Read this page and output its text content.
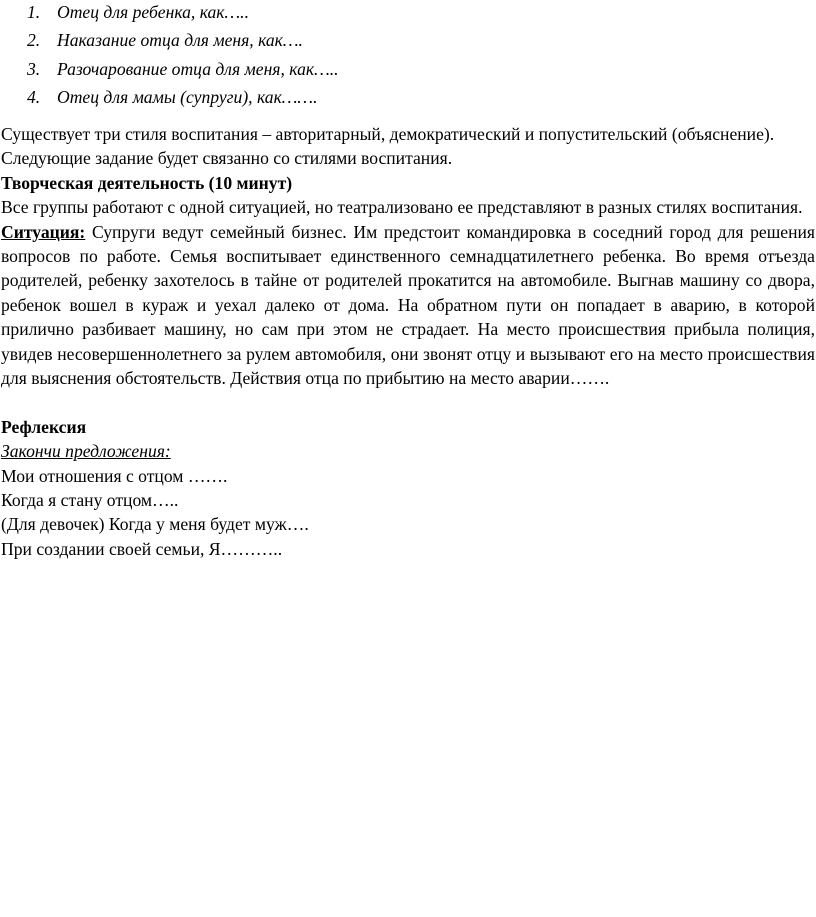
1. Отец для ребенка, как…..
2. Наказание отца для меня, как….
3. Разочарование отца для меня, как…..
4. Отец для мамы (супруги), как…….

Существует три стиля воспитания – авторитарный, демократический и попустительский (объяснение).

Следующие задание будет связанно со стилями воспитания.

Творческая деятельность (10 минут)

Все группы работают с одной ситуацией, но театрализовано ее представляют в разных стилях воспитания.

Ситуация: Супруги ведут семейный бизнес. Им предстоит командировка в соседний город для решения вопросов по работе. Семья воспитывает единственного семнадцатилетнего ребенка. Во время отъезда родителей, ребенку захотелось в тайне от родителей прокатится на автомобиле. Выгнав машину со двора, ребенок вошел в кураж и уехал далеко от дома. На обратном пути он попадает в аварию, в которой прилично разбивает машину, но сам при этом не страдает. На место происшествия прибыла полиция, увидев несовершеннолетнего за рулем автомобиля, они звонят отцу и вызывают его на место происшествия для выяснения обстоятельств. Действия отца по прибытию на место аварии…….

Рефлексия

Закончи предложения:

Мои отношения с отцом …….

Когда я стану отцом…..

(Для девочек) Когда у меня будет муж….

При создании своей семьи, Я………..
